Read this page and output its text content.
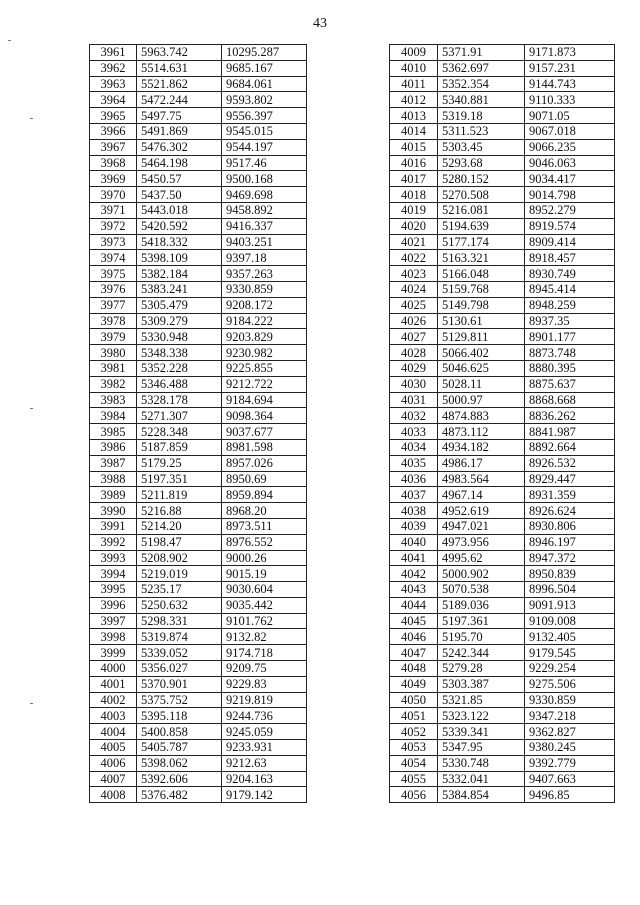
43
3961	5963.742	10295.287
3962	5514.631	9685.167
3963	5521.862	9684.061
3964	5472.244	9593.802
3965	5497.75	9556.397
3966	5491.869	9545.015
3967	5476.302	9544.197
3968	5464.198	9517.46
3969	5450.57	9500.168
3970	5437.50	9469.698
3971	5443.018	9458.892
3972	5420.592	9416.337
3973	5418.332	9403.251
3974	5398.109	9397.18
3975	5382.184	9357.263
3976	5383.241	9330.859
3977	5305.479	9208.172
3978	5309.279	9184.222
3979	5330.948	9203.829
3980	5348.338	9230.982
3981	5352.228	9225.855
3982	5346.488	9212.722
3983	5328.178	9184.694
3984	5271.307	9098.364
3985	5228.348	9037.677
3986	5187.859	8981.598
3987	5179.25	8957.026
3988	5197.351	8950.69
3989	5211.819	8959.894
3990	5216.88	8968.20
3991	5214.20	8973.511
3992	5198.47	8976.552
3993	5208.902	9000.26
3994	5219.019	9015.19
3995	5235.17	9030.604
3996	5250.632	9035.442
3997	5298.331	9101.762
3998	5319.874	9132.82
3999	5339.052	9174.718
4000	5356.027	9209.75
4001	5370.901	9229.83
4002	5375.752	9219.819
4003	5395.118	9244.736
4004	5400.858	9245.059
4005	5405.787	9233.931
4006	5398.062	9212.63
4007	5392.606	9204.163
4008	5376.482	9179.142
4009	5371.91	9171.873
4010	5362.697	9157.231
4011	5352.354	9144.743
4012	5340.881	9110.333
4013	5319.18	9071.05
4014	5311.523	9067.018
4015	5303.45	9066.235
4016	5293.68	9046.063
4017	5280.152	9034.417
4018	5270.508	9014.798
4019	5216.081	8952.279
4020	5194.639	8919.574
4021	5177.174	8909.414
4022	5163.321	8918.457
4023	5166.048	8930.749
4024	5159.768	8945.414
4025	5149.798	8948.259
4026	5130.61	8937.35
4027	5129.811	8901.177
4028	5066.402	8873.748
4029	5046.625	8880.395
4030	5028.11	8875.637
4031	5000.97	8868.668
4032	4874.883	8836.262
4033	4873.112	8841.987
4034	4934.182	8892.664
4035	4986.17	8926.532
4036	4983.564	8929.447
4037	4967.14	8931.359
4038	4952.619	8926.624
4039	4947.021	8930.806
4040	4973.956	8946.197
4041	4995.62	8947.372
4042	5000.902	8950.839
4043	5070.538	8996.504
4044	5189.036	9091.913
4045	5197.361	9109.008
4046	5195.70	9132.405
4047	5242.344	9179.545
4048	5279.28	9229.254
4049	5303.387	9275.506
4050	5321.85	9330.859
4051	5323.122	9347.218
4052	5339.341	9362.827
4053	5347.95	9380.245
4054	5330.748	9392.779
4055	5332.041	9407.663
4056	5384.854	9496.85
